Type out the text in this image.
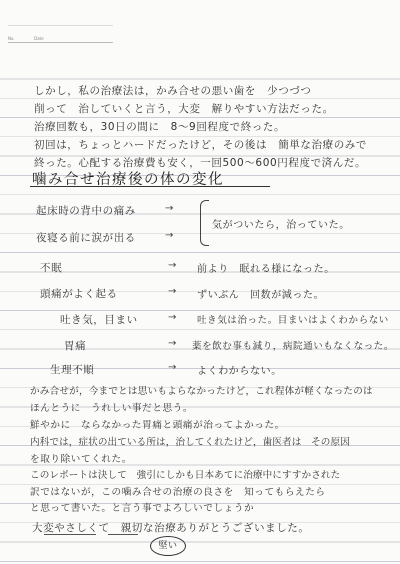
No.	Date
しかし，私の治療法は，かみ合せの悪い歯を　少つづつ
削って　治していくと言う，大変　解りやすい方法だった。
治療回数も，30日の間に　8〜9回程度で終った。
初回は，ちょっとハードだったけど，その後は　簡単な治療のみで
終った。心配する治療費も安く，一回500〜600円程度で済んだ。
噛み合せ治療後の体の変化
起床時の背中の痛み	→
夜寝る前に涙が出る	→
気がついたら，治っていた。
不眠	→ 前より　眠れる様になった。
頭痛がよく起る	→ ずいぶん　回数が減った。
吐き気，目まい	→ 吐き気は治った。目まいはよくわからない
胃痛	→ 薬を飲む事も減り，病院通いもなくなった。
生理不順	→ よくわからない。
かみ合せが，今までとは思いもよらなかったけど，これ程体が軽くなったのは
ほんとうに　うれしい事だと思う。
鮮やかに　ならなかった胃痛と頭痛が治ってよかった。
内科では，症状の出ている所は，治してくれたけど，歯医者は　その原因
を取り除いてくれた。
このレポートは決して　強引にしかも日本あてに治療中にすすかされた
訳ではないが，この噛み合せの治療の良さを　知ってもらえたら
と思って書いた。と言う事でよろしいでしょうか
大変やさしくて　親切な治療ありがとうございました。
堅い
